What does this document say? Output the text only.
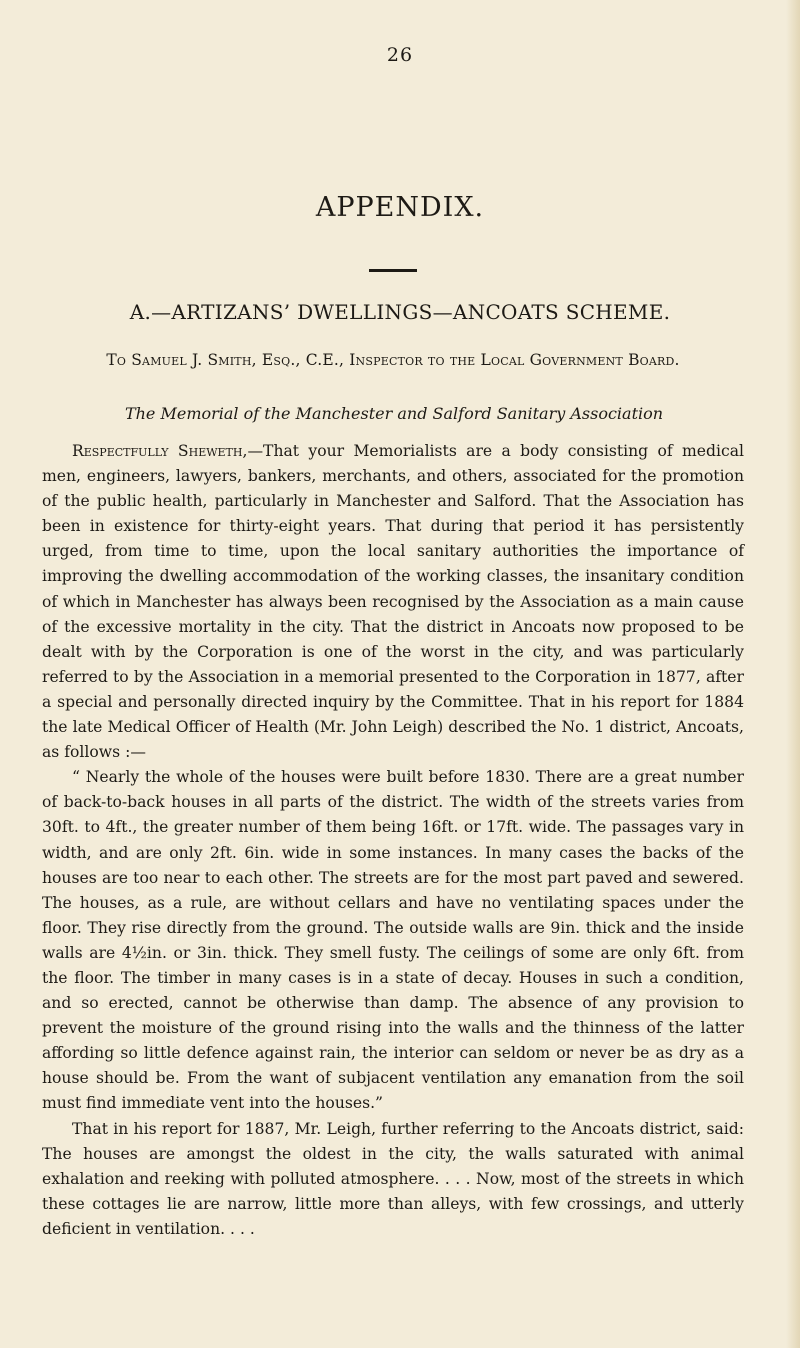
26
APPENDIX.
A.—ARTIZANS’ DWELLINGS—ANCOATS SCHEME.
To Samuel J. Smith, Esq., C.E., Inspector to the Local Government Board.
The Memorial of the Manchester and Salford Sanitary Association

Respectfully Sheweth,—That your Memorialists are a body consisting of medical men, engineers, lawyers, bankers, merchants, and others, associated for the promotion of the public health, particularly in Manchester and Salford. That the Association has been in existence for thirty-eight years. That during that period it has persistently urged, from time to time, upon the local sanitary authorities the importance of improving the dwelling accommodation of the working classes, the insanitary condition of which in Manchester has always been recognised by the Association as a main cause of the excessive mortality in the city. That the district in Ancoats now proposed to be dealt with by the Corporation is one of the worst in the city, and was particularly referred to by the Association in a memorial presented to the Corporation in 1877, after a special and personally directed inquiry by the Committee. That in his report for 1884 the late Medical Officer of Health (Mr. John Leigh) described the No. 1 district, Ancoats, as follows :—

“ Nearly the whole of the houses were built before 1830. There are a great number of back-to-back houses in all parts of the district. The width of the streets varies from 30ft. to 4ft., the greater number of them being 16ft. or 17ft. wide. The passages vary in width, and are only 2ft. 6in. wide in some instances. In many cases the backs of the houses are too near to each other. The streets are for the most part paved and sewered. The houses, as a rule, are without cellars and have no ventilating spaces under the floor. They rise directly from the ground. The outside walls are 9in. thick and the inside walls are 4½in. or 3in. thick. They smell fusty. The ceilings of some are only 6ft. from the floor. The timber in many cases is in a state of decay. Houses in such a condition, and so erected, cannot be otherwise than damp. The absence of any provision to prevent the moisture of the ground rising into the walls and the thinness of the latter affording so little defence against rain, the interior can seldom or never be as dry as a house should be. From the want of subjacent ventilation any emanation from the soil must find immediate vent into the houses.”

That in his report for 1887, Mr. Leigh, further referring to the Ancoats district, said: The houses are amongst the oldest in the city, the walls saturated with animal exhalation and reeking with polluted atmosphere. . . . Now, most of the streets in which these cottages lie are narrow, little more than alleys, with few crossings, and utterly deficient in ventilation. . . .
